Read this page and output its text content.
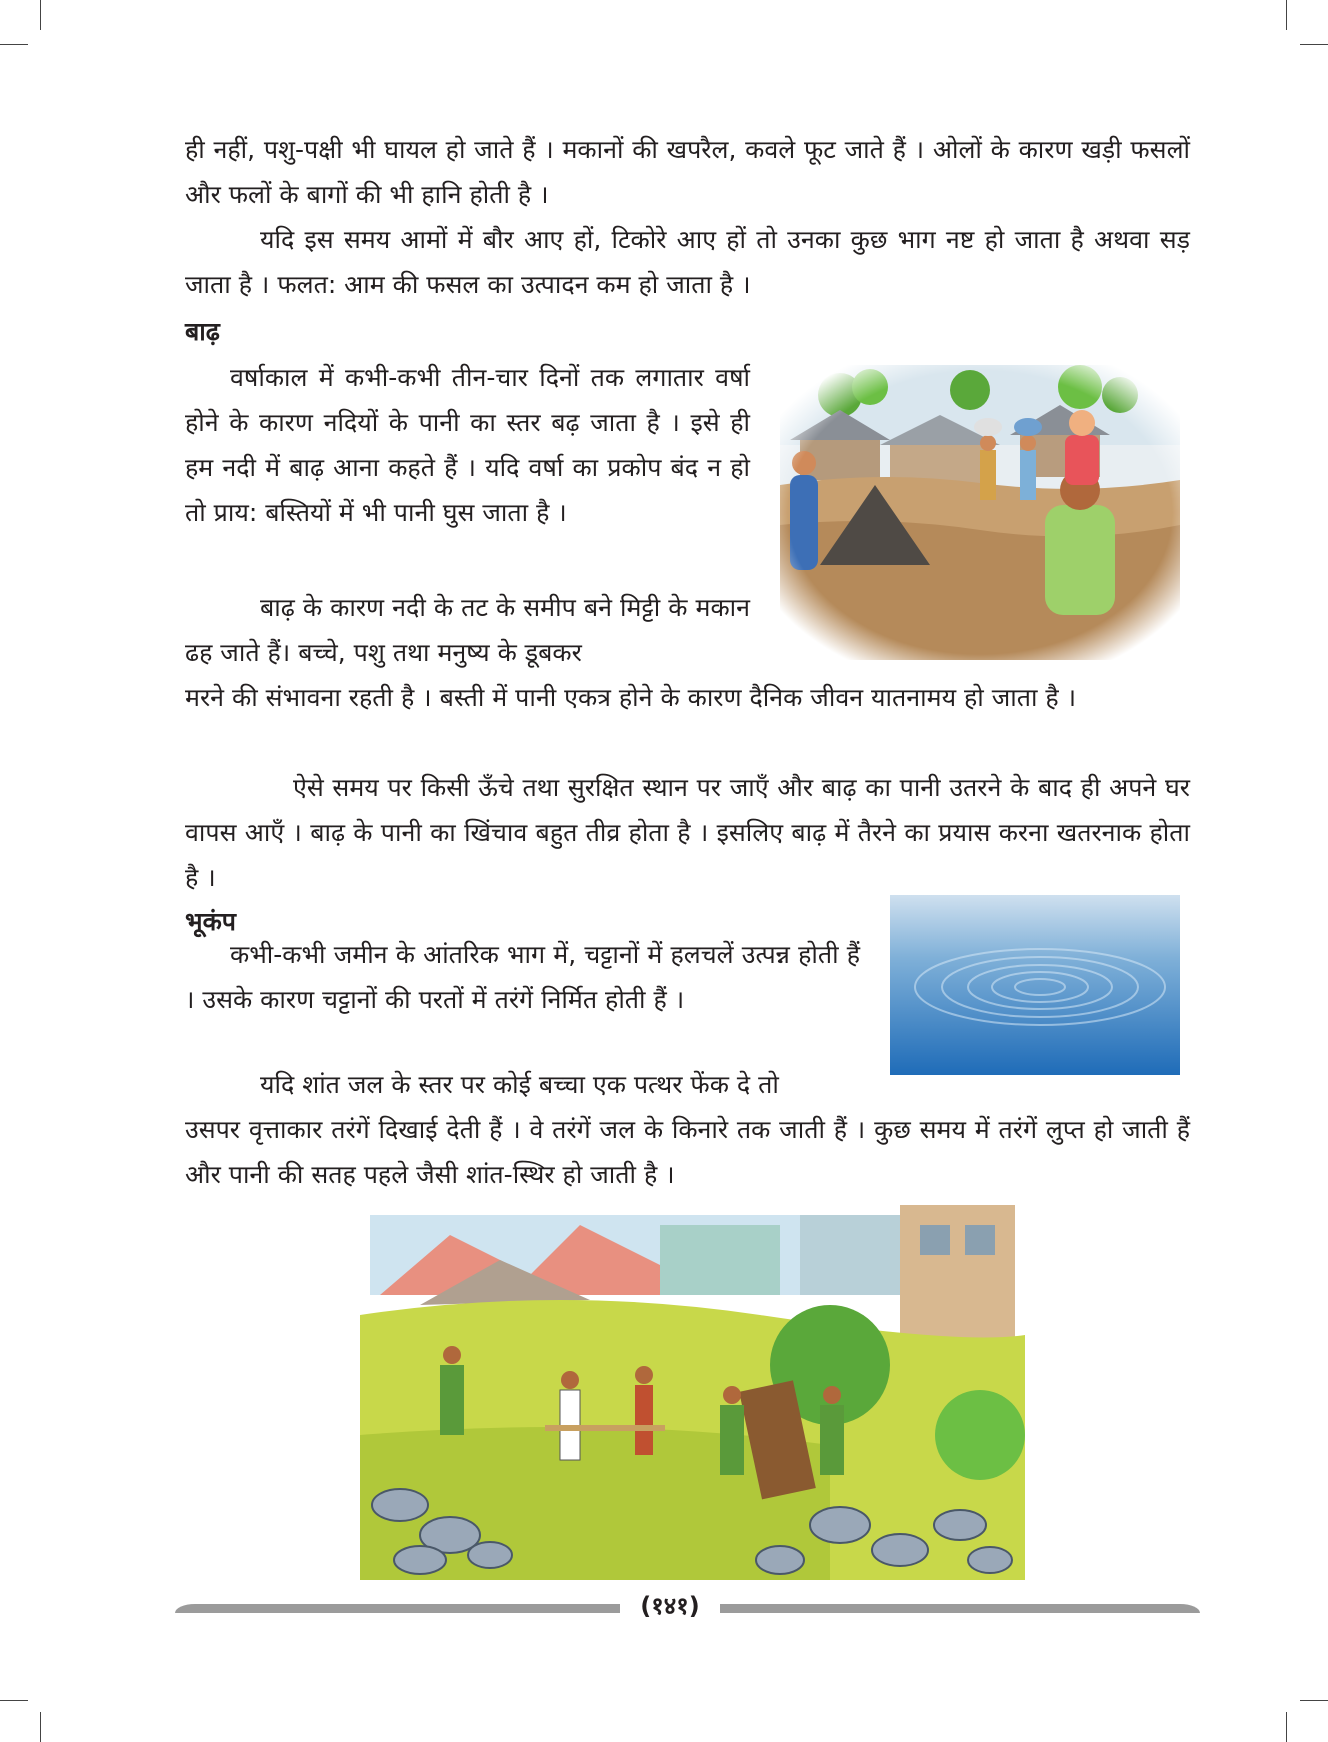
ही नहीं, पशु-पक्षी भी घायल हो जाते हैं । मकानों की खपरैल, कवले फूट जाते हैं । ओलों के कारण खड़ी फसलों और फलों के बागों की भी हानि होती है ।

यदि इस समय आमों में बौर आए हों, टिकोरे आए हों तो उनका कुछ भाग नष्ट हो जाता है अथवा सड़ जाता है । फलत: आम की फसल का उत्पादन कम हो जाता है ।

बाढ़

वर्षाकाल में कभी-कभी तीन-चार दिनों तक लगातार वर्षा होने के कारण नदियों के पानी का स्तर बढ़ जाता है । इसे ही हम नदी में बाढ़ आना कहते हैं । यदि वर्षा का प्रकोप बंद न हो तो प्राय: बस्तियों में भी पानी घुस जाता है ।

बाढ़ के कारण नदी के तट के समीप बने मिट्टी के मकान ढह जाते हैं। बच्चे, पशु तथा मनुष्य के डूबकर

मरने की संभावना रहती है । बस्ती में पानी एकत्र होने के कारण दैनिक जीवन यातनामय हो जाता है ।

ऐसे समय पर किसी ऊँचे तथा सुरक्षित स्थान पर जाएँ और बाढ़ का पानी उतरने के बाद ही अपने घर वापस आएँ । बाढ़ के पानी का खिंचाव बहुत तीव्र होता है । इसलिए बाढ़ में तैरने का प्रयास करना खतरनाक होता है ।

भूकंप

कभी-कभी जमीन के आंतरिक भाग में, चट्टानों में हलचलें उत्पन्न होती हैं । उसके कारण चट्टानों की परतों में तरंगें निर्मित होती हैं ।

यदि शांत जल के स्तर पर कोई बच्चा एक पत्थर फेंक दे तो

उसपर वृत्ताकार तरंगें दिखाई देती हैं । वे तरंगें जल के किनारे तक जाती हैं । कुछ समय में तरंगें लुप्त हो जाती हैं और पानी की सतह पहले जैसी शांत-स्थिर हो जाती है ।

(१४१)
